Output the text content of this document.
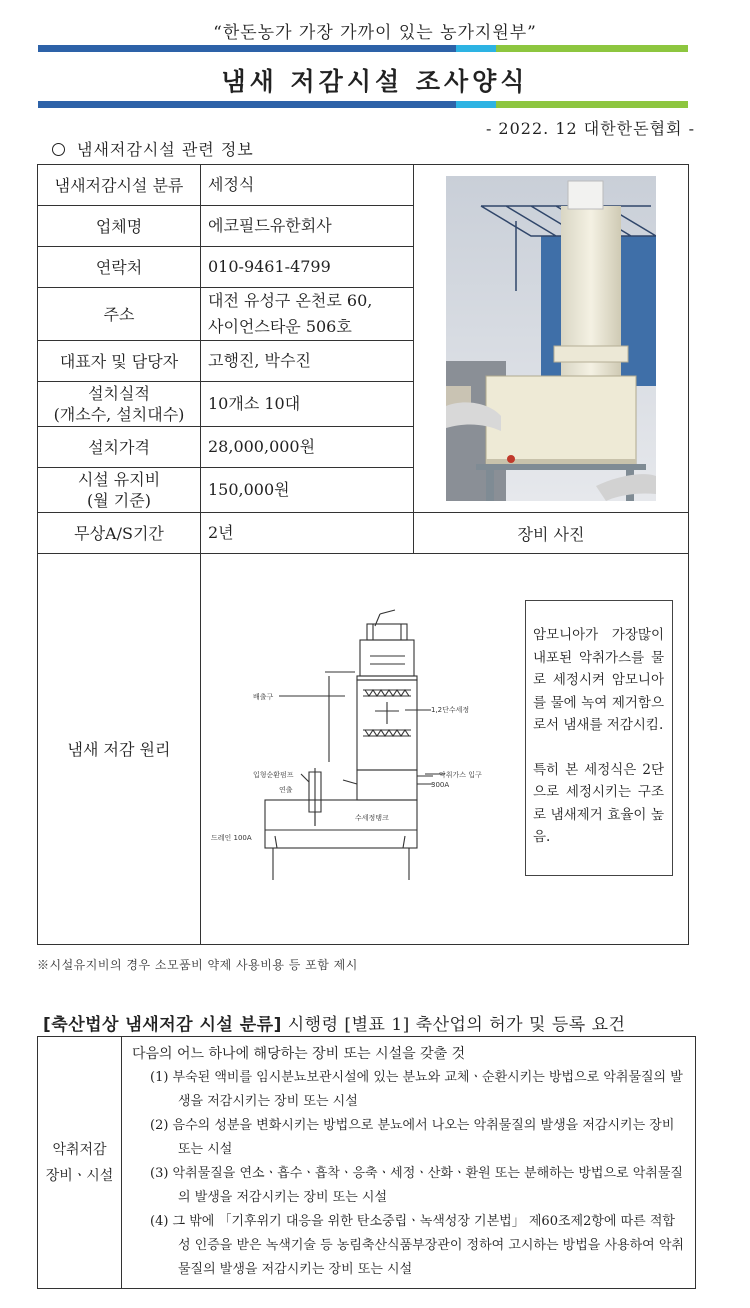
“한돈농가 가장 가까이 있는 농가지원부”
냄새 저감시설 조사양식
- 2022. 12 대한한돈협회 -
냄새저감시설 관련 정보
냄새저감시설 분류	세정식	

업체명	에코필드유한회사	
연락처	010-9461-4799	
주소	대전 유성구 온천로 60,
사이언스타운 506호	

대표자 및 담당자	고행진, 박수진	

설치실적
(개소수, 설치대수)	10개소 10대	
설치가격	28,000,000원	

시설 유지비
(월 기준)	150,000원	
무상A/S기간	2년	장비 사진
냄새 저감 원리		
배출구
1,2단수세정
입형순환펌프
연출
악취가스 입구
300A
수세정탱크
드레인 100A
암모니아가 가장많이 내포된 악취가스를 물로 세정시켜 암모니아를 물에 녹여 제거함으로서 냄새를 저감시킴.
특히 본 세정식은 2단으로 세정시키는 구조로 냄새제거 효율이 높음.
※시설유지비의 경우 소모품비 약제 사용비용 등 포함 제시
[축산법상 냄새저감 시설 분류] 시행령 [별표 1] 축산업의 허가 및 등록 요건
악취저감
장비ㆍ시설

다음의 어느 하나에 해당하는 장비 또는 시설을 갖출 것
(1) 부숙된 액비를 임시분뇨보관시설에 있는 분뇨와 교체ㆍ순환시키는 방법으로 악취물질의 발생을 저감시키는 장비 또는 시설
(2) 음수의 성분을 변화시키는 방법으로 분뇨에서 나오는 악취물질의 발생을 저감시키는 장비 또는 시설
(3) 악취물질을 연소ㆍ흡수ㆍ흡착ㆍ응축ㆍ세정ㆍ산화ㆍ환원 또는 분해하는 방법으로 악취물질의 발생을 저감시키는 장비 또는 시설
(4) 그 밖에 「기후위기 대응을 위한 탄소중립ㆍ녹색성장 기본법」 제60조제2항에 따른 적합성 인증을 받은 녹색기술 등 농림축산식품부장관이 정하여 고시하는 방법을 사용하여 악취물질의 발생을 저감시키는 장비 또는 시설
